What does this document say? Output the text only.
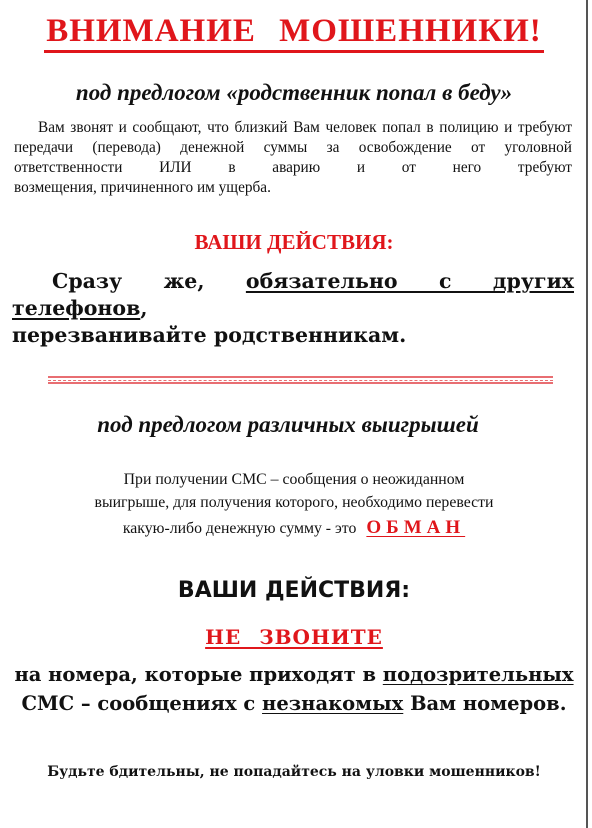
ВНИМАНИЕ МОШЕННИКИ!
под предлогом «родственник попал в беду»
Вам звонят и сообщают, что близкий Вам человек попал в полицию и требуют передачи (перевода) денежной суммы за освобождение от уголовной ответственности ИЛИ в аварию и от него требуют
возмещения, причиненного им ущерба.
ВАШИ ДЕЙСТВИЯ:
Сразу же, обязательно с других телефонов,
перезванивайте родственникам.
под предлогом различных выигрышей
При получении СМС – сообщения о неожиданном
выигрыше, для получения которого, необходимо перевести
какую-либо денежную сумму - это ОБМАН
ВАШИ ДЕЙСТВИЯ:
НЕ ЗВОНИТЕ
на номера, которые приходят в подозрительных
СМС – сообщениях с незнакомых Вам номеров.
Будьте бдительны, не попадайтесь на уловки мошенников!
